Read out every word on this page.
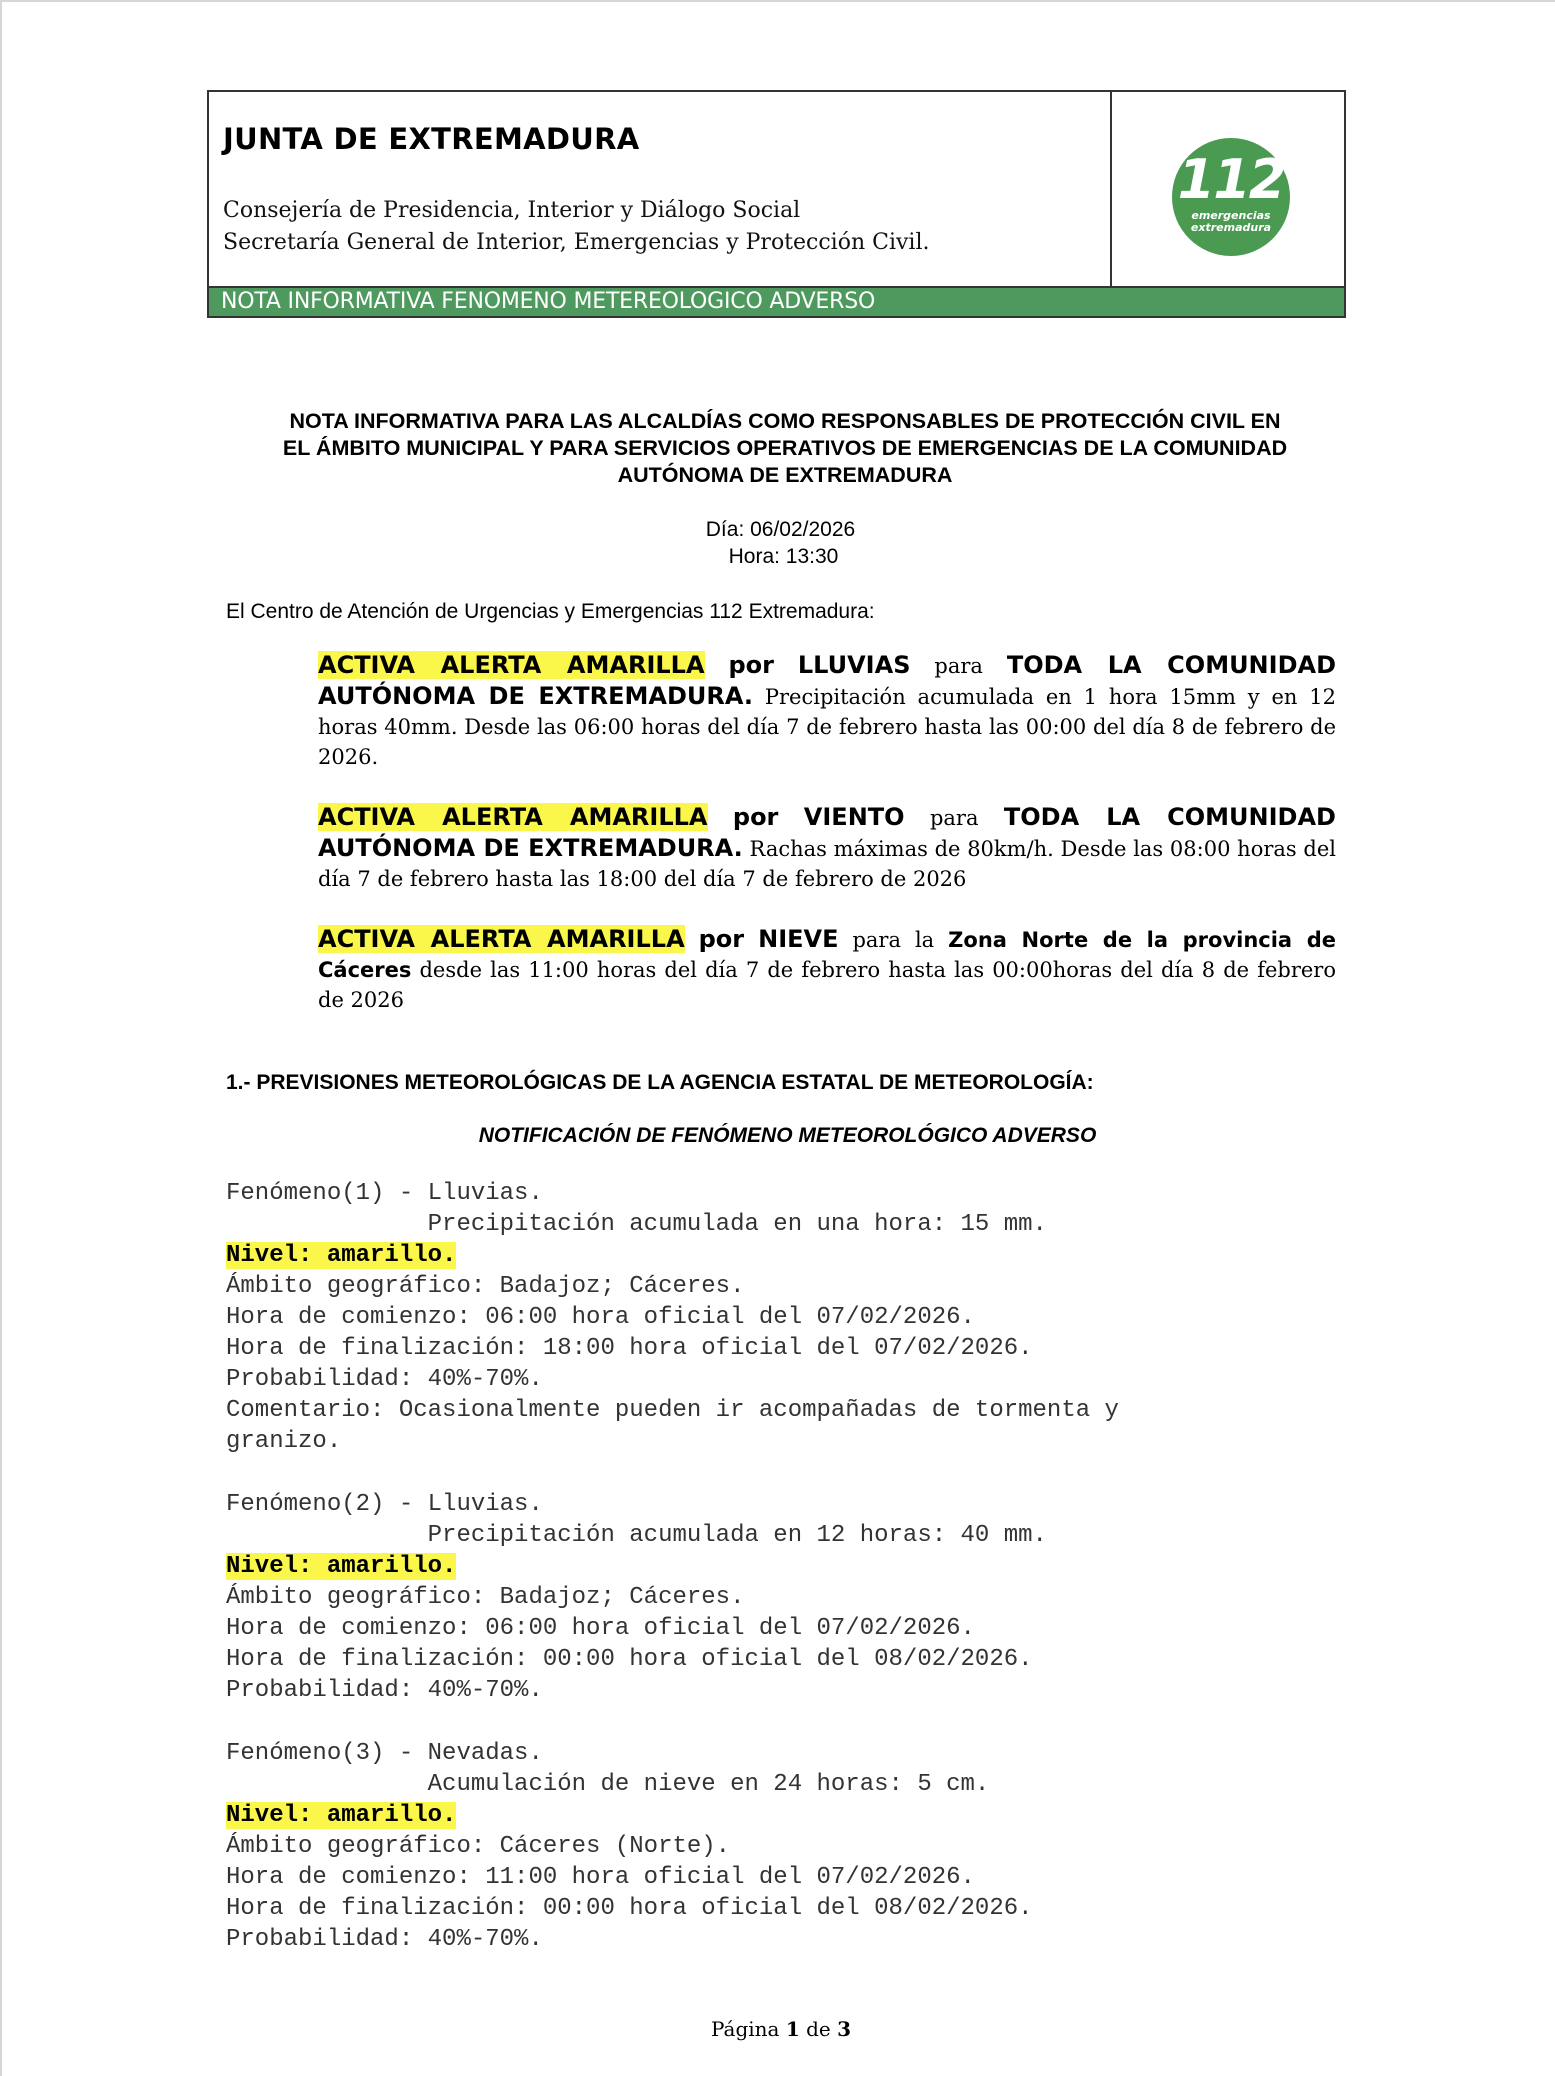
JUNTA DE EXTREMADURA
Consejería de Presidencia, Interior y Diálogo Social
Secretaría General de Interior, Emergencias y Protección Civil.
112
emergencias
extremadura
NOTA INFORMATIVA FENOMENO METEREOLOGICO ADVERSO
NOTA INFORMATIVA PARA LAS ALCALDÍAS COMO RESPONSABLES DE PROTECCIÓN CIVIL EN
EL ÁMBITO MUNICIPAL Y PARA SERVICIOS OPERATIVOS DE EMERGENCIAS DE LA COMUNIDAD
AUTÓNOMA DE EXTREMADURA
Día: 06/02/2026
Hora: 13:30
El Centro de Atención de Urgencias y Emergencias 112 Extremadura:
ACTIVA ALERTA AMARILLA por LLUVIAS para TODA LA COMUNIDAD AUTÓNOMA DE EXTREMADURA. Precipitación acumulada en 1 hora 15mm y en 12 horas 40mm. Desde las 06:00 horas del día 7 de febrero hasta las 00:00 del día 8 de febrero de 2026.
ACTIVA ALERTA AMARILLA por VIENTO para TODA LA COMUNIDAD AUTÓNOMA DE EXTREMADURA. Rachas máximas de 80km/h. Desde las 08:00 horas del día 7 de febrero hasta las 18:00 del día 7 de febrero de 2026
ACTIVA ALERTA AMARILLA por NIEVE para la Zona Norte de la provincia de Cáceres desde las 11:00 horas del día 7 de febrero hasta las 00:00horas del día 8 de febrero de 2026
1.- PREVISIONES METEOROLÓGICAS DE LA AGENCIA ESTATAL DE METEOROLOGÍA:
NOTIFICACIÓN DE FENÓMENO METEOROLÓGICO ADVERSO
Fenómeno(1) - Lluvias.
Precipitación acumulada en una hora: 15 mm.
Nivel: amarillo.
Ámbito geográfico: Badajoz; Cáceres.
Hora de comienzo: 06:00 hora oficial del 07/02/2026.
Hora de finalización: 18:00 hora oficial del 07/02/2026.
Probabilidad: 40%-70%.
Comentario: Ocasionalmente pueden ir acompañadas de tormenta y
granizo.
Fenómeno(2) - Lluvias.
Precipitación acumulada en 12 horas: 40 mm.
Nivel: amarillo.
Ámbito geográfico: Badajoz; Cáceres.
Hora de comienzo: 06:00 hora oficial del 07/02/2026.
Hora de finalización: 00:00 hora oficial del 08/02/2026.
Probabilidad: 40%-70%.
Fenómeno(3) - Nevadas.
Acumulación de nieve en 24 horas: 5 cm.
Nivel: amarillo.
Ámbito geográfico: Cáceres (Norte).
Hora de comienzo: 11:00 hora oficial del 07/02/2026.
Hora de finalización: 00:00 hora oficial del 08/02/2026.
Probabilidad: 40%-70%.
Página 1 de 3
